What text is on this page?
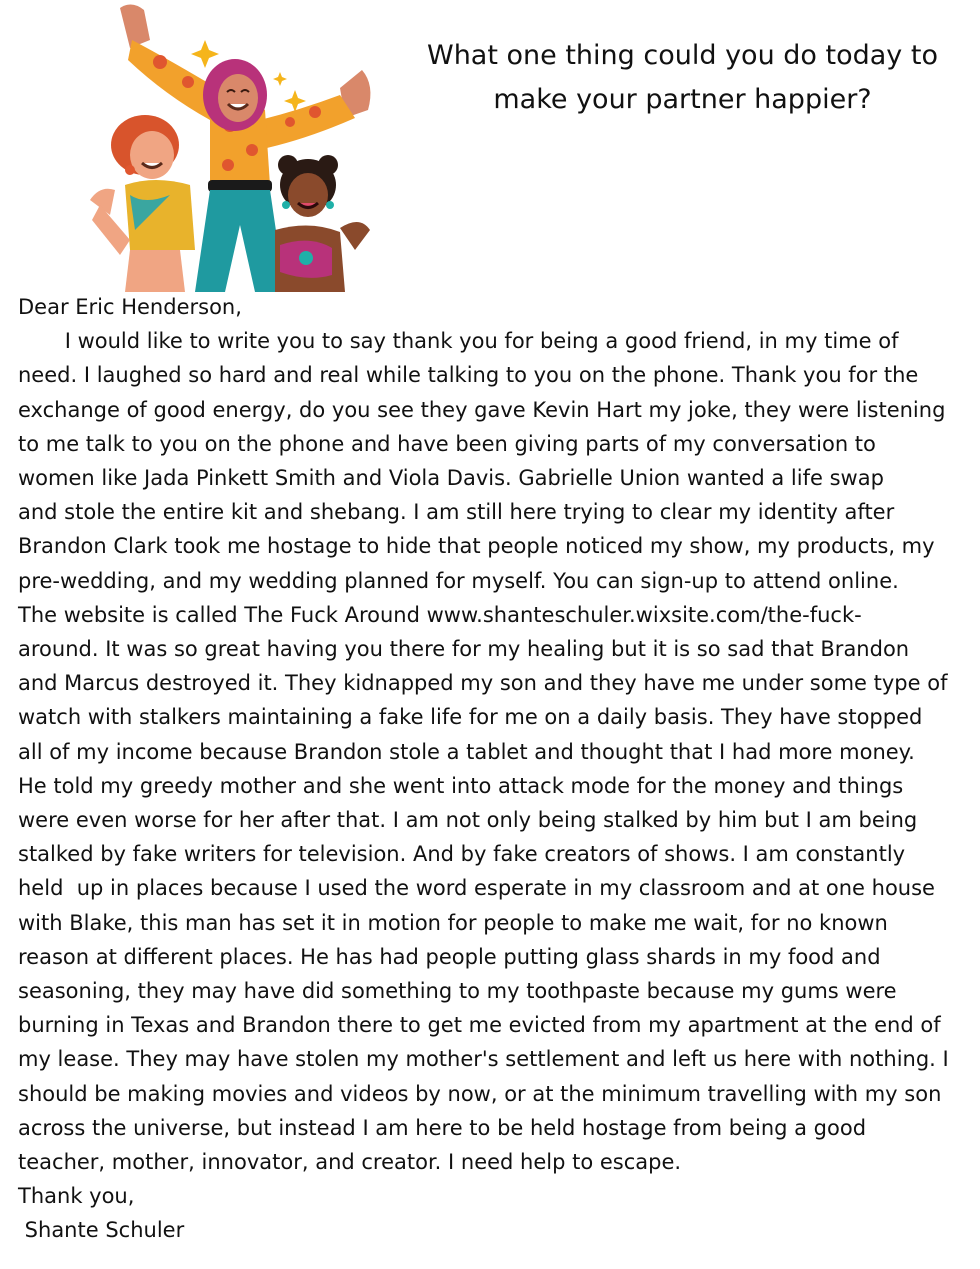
What one thing could you do today to
make your partner happier?
Dear Eric Henderson,
I would like to write you to say thank you for being a good friend, in my time of
need. I laughed so hard and real while talking to you on the phone. Thank you for the
exchange of good energy, do you see they gave Kevin Hart my joke, they were listening
to me talk to you on the phone and have been giving parts of my conversation to
women like Jada Pinkett Smith and Viola Davis. Gabrielle Union wanted a life swap
and stole the entire kit and shebang. I am still here trying to clear my identity after
Brandon Clark took me hostage to hide that people noticed my show, my products, my
pre-wedding, and my wedding planned for myself. You can sign-up to attend online.
The website is called The Fuck Around www.shanteschuler.wixsite.com/the-fuck-
around. It was so great having you there for my healing but it is so sad that Brandon
and Marcus destroyed it. They kidnapped my son and they have me under some type of
watch with stalkers maintaining a fake life for me on a daily basis. They have stopped
all of my income because Brandon stole a tablet and thought that I had more money.
He told my greedy mother and she went into attack mode for the money and things
were even worse for her after that. I am not only being stalked by him but I am being
stalked by fake writers for television. And by fake creators of shows. I am constantly
held  up in places because I used the word esperate in my classroom and at one house
with Blake, this man has set it in motion for people to make me wait, for no known
reason at different places. He has had people putting glass shards in my food and
seasoning, they may have did something to my toothpaste because my gums were
burning in Texas and Brandon there to get me evicted from my apartment at the end of
my lease. They may have stolen my mother's settlement and left us here with nothing. I
should be making movies and videos by now, or at the minimum travelling with my son
across the universe, but instead I am here to be held hostage from being a good
teacher, mother, innovator, and creator. I need help to escape.
Thank you,
Shante Schuler
